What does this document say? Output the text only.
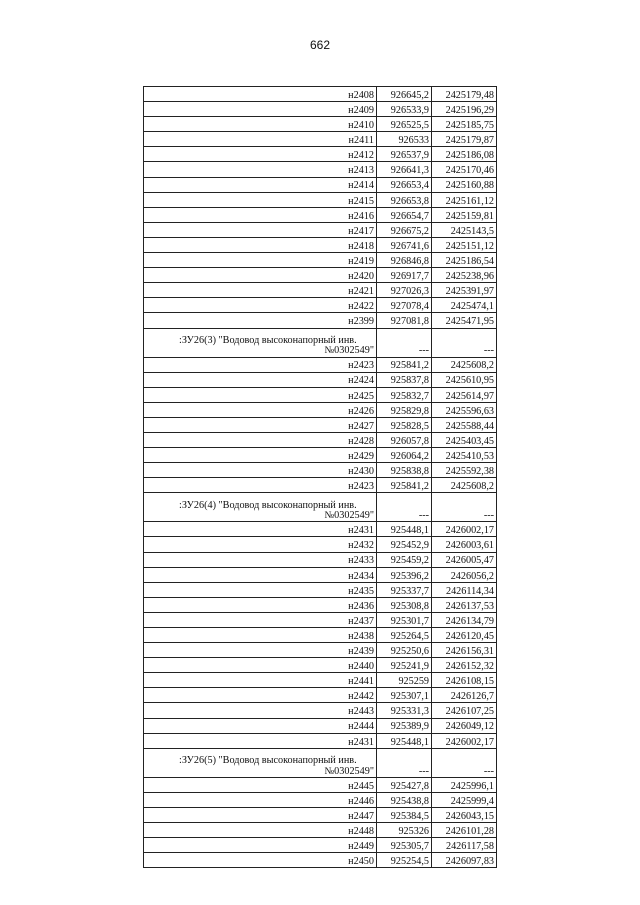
662
н2408	926645,2	2425179,48
н2409	926533,9	2425196,29
н2410	926525,5	2425185,75
н2411	926533	2425179,87
н2412	926537,9	2425186,08
н2413	926641,3	2425170,46
н2414	926653,4	2425160,88
н2415	926653,8	2425161,12
н2416	926654,7	2425159,81
н2417	926675,2	2425143,5
н2418	926741,6	2425151,12
н2419	926846,8	2425186,54
н2420	926917,7	2425238,96
н2421	927026,3	2425391,97
н2422	927078,4	2425474,1
н2399	927081,8	2425471,95

:ЗУ26(3) "Водовод высоконапорный инв.
№0302549"	---	---
н2423	925841,2	2425608,2
н2424	925837,8	2425610,95
н2425	925832,7	2425614,97
н2426	925829,8	2425596,63
н2427	925828,5	2425588,44
н2428	926057,8	2425403,45
н2429	926064,2	2425410,53
н2430	925838,8	2425592,38
н2423	925841,2	2425608,2

:ЗУ26(4) "Водовод высоконапорный инв.
№0302549"	---	---
н2431	925448,1	2426002,17
н2432	925452,9	2426003,61
н2433	925459,2	2426005,47
н2434	925396,2	2426056,2
н2435	925337,7	2426114,34
н2436	925308,8	2426137,53
н2437	925301,7	2426134,79
н2438	925264,5	2426120,45
н2439	925250,6	2426156,31
н2440	925241,9	2426152,32
н2441	925259	2426108,15
н2442	925307,1	2426126,7
н2443	925331,3	2426107,25
н2444	925389,9	2426049,12
н2431	925448,1	2426002,17

:ЗУ26(5) "Водовод высоконапорный инв.
№0302549"	---	---
н2445	925427,8	2425996,1
н2446	925438,8	2425999,4
н2447	925384,5	2426043,15
н2448	925326	2426101,28
н2449	925305,7	2426117,58
н2450	925254,5	2426097,83
